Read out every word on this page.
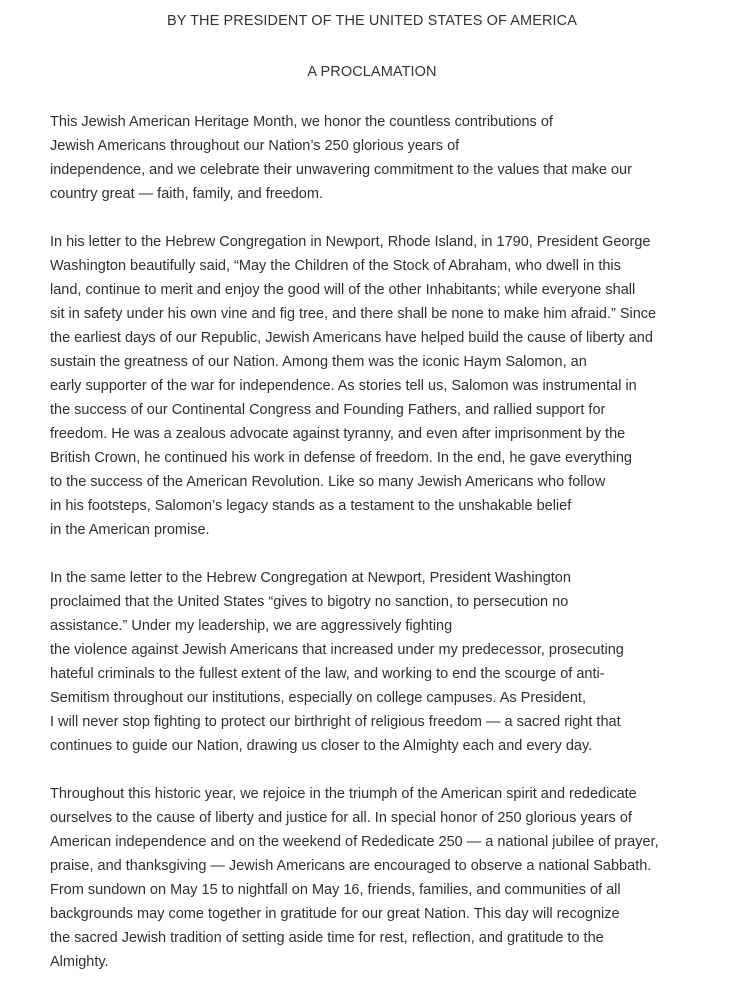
BY THE PRESIDENT OF THE UNITED STATES OF AMERICA
A PROCLAMATION
This Jewish American Heritage Month, we honor the countless contributions of
Jewish Americans throughout our Nation’s 250 glorious years of
independence, and we celebrate their unwavering commitment to the values that make our
country great — faith, family, and freedom.
In his letter to the Hebrew Congregation in Newport, Rhode Island, in 1790, President George
Washington beautifully said, “May the Children of the Stock of Abraham, who dwell in this
land, continue to merit and enjoy the good will of the other Inhabitants; while everyone shall
sit in safety under his own vine and fig tree, and there shall be none to make him afraid.” Since
the earliest days of our Republic, Jewish Americans have helped build the cause of liberty and
sustain the greatness of our Nation. Among them was the iconic Haym Salomon, an
early supporter of the war for independence. As stories tell us, Salomon was instrumental in
the success of our Continental Congress and Founding Fathers, and rallied support for
freedom. He was a zealous advocate against tyranny, and even after imprisonment by the
British Crown, he continued his work in defense of freedom. In the end, he gave everything
to the success of the American Revolution. Like so many Jewish Americans who follow
in his footsteps, Salomon’s legacy stands as a testament to the unshakable belief
in the American promise.
In the same letter to the Hebrew Congregation at Newport, President Washington
proclaimed that the United States “gives to bigotry no sanction, to persecution no
assistance.” Under my leadership, we are aggressively fighting
the violence against Jewish Americans that increased under my predecessor, prosecuting
hateful criminals to the fullest extent of the law, and working to end the scourge of anti-
Semitism throughout our institutions, especially on college campuses. As President,
I will never stop fighting to protect our birthright of religious freedom — a sacred right that
continues to guide our Nation, drawing us closer to the Almighty each and every day.
Throughout this historic year, we rejoice in the triumph of the American spirit and rededicate
ourselves to the cause of liberty and justice for all. In special honor of 250 glorious years of
American independence and on the weekend of Rededicate 250 — a national jubilee of prayer,
praise, and thanksgiving — Jewish Americans are encouraged to observe a national Sabbath.
From sundown on May 15 to nightfall on May 16, friends, families, and communities of all
backgrounds may come together in gratitude for our great Nation. This day will recognize
the sacred Jewish tradition of setting aside time for rest, reflection, and gratitude to the
Almighty.
